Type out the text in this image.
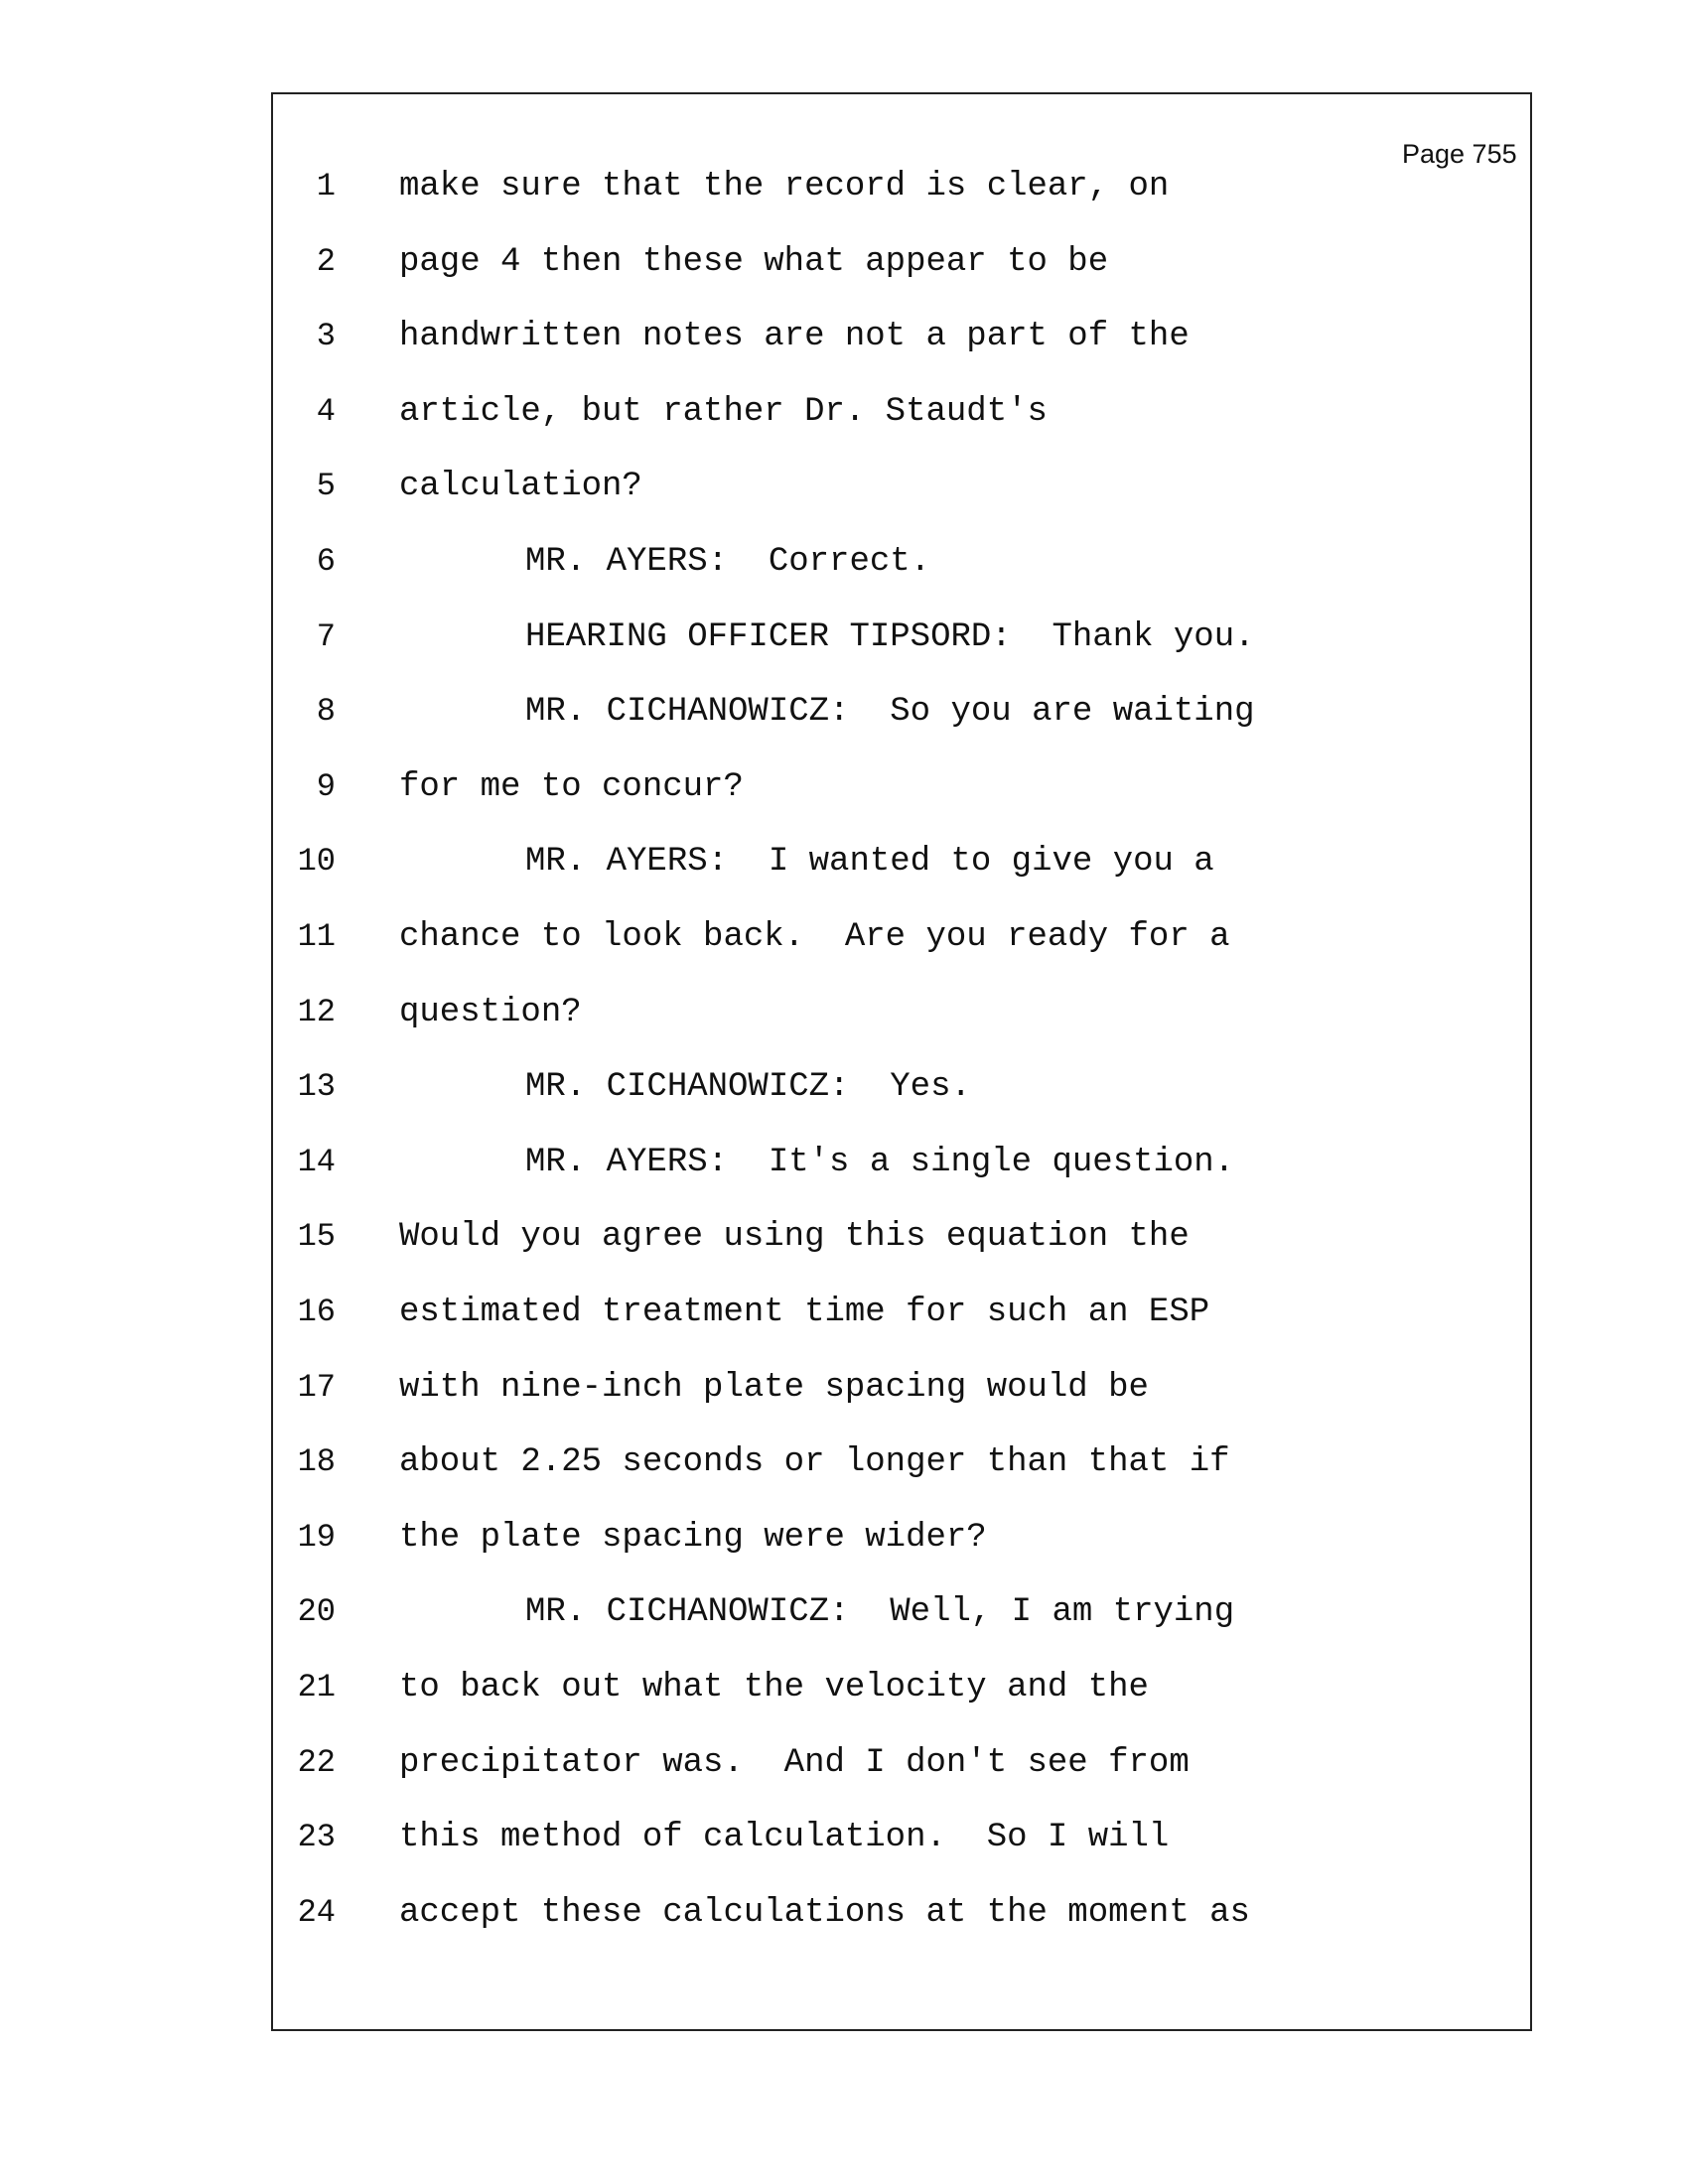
Page 755
1 make sure that the record is clear, on
2 page 4 then these what appear to be
3 handwritten notes are not a part of the
4 article, but rather Dr. Staudt's
5 calculation?
6	MR. AYERS:  Correct.
7	HEARING OFFICER TIPSORD:  Thank you.
8	MR. CICHANOWICZ:  So you are waiting
9 for me to concur?
10	MR. AYERS:  I wanted to give you a
11 chance to look back.  Are you ready for a
12 question?
13	MR. CICHANOWICZ:  Yes.
14	MR. AYERS:  It's a single question.
15 Would you agree using this equation the
16 estimated treatment time for such an ESP
17 with nine-inch plate spacing would be
18 about 2.25 seconds or longer than that if
19 the plate spacing were wider?
20	MR. CICHANOWICZ:  Well, I am trying
21 to back out what the velocity and the
22 precipitator was.  And I don't see from
23 this method of calculation.  So I will
24 accept these calculations at the moment as
